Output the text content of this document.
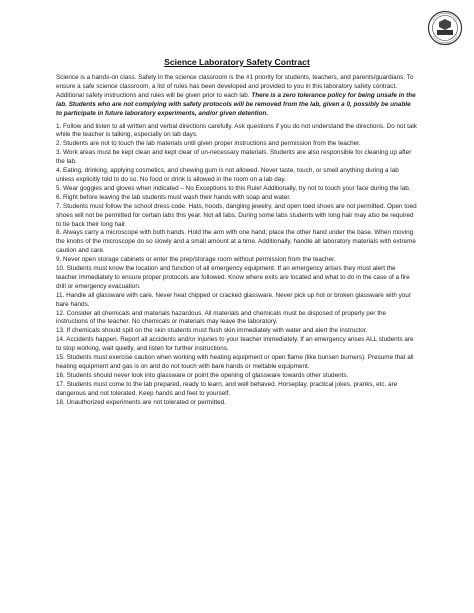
Science Laboratory Safety Contract

Science is a hands-on class. Safety in the science classroom is the #1 priority for students, teachers, and parents/guardians. To ensure a safe science classroom, a list of rules has been developed and provided to you in this laboratory safety contract. Additional safety instructions and rules will be given prior to each lab. There is a zero tolerance policy for being unsafe in the lab. Students who are not complying with safety protocols will be removed from the lab, given a 0, possibly be unable to participate in future laboratory experiments, and/or given detention.

1. Follow and listen to all written and verbal directions carefully. Ask questions if you do not understand the directions. Do not talk while the teacher is talking, especially on lab days.

2. Students are not to touch the lab materials until given proper instructions and permission from the teacher.

3. Work areas must be kept clean and kept clear of un-necessary materials. Students are also responsible for cleaning up after the lab.

4. Eating, drinking, applying cosmetics, and chewing gum is not allowed. Never taste, touch, or smell anything during a lab unless explicitly told to do so. No food or drink is allowed in the room on a lab day.

5. Wear goggles and gloves when indicated – No Exceptions to this Rule! Additionally, try not to touch your face during the lab.

6. Right before leaving the lab students must wash their hands with soap and water.

7. Students must follow the school dress code. Hats, hoods, dangling jewelry, and open toed shoes are not permitted. Open toed shoes will not be permitted for certain labs this year. Not all labs. During some labs students with long hair may also be required to tie back their long hair.

8. Always carry a microscope with both hands. Hold the arm with one hand; place the other hand under the base. When moving the knobs of the microscope do so slowly and a small amount at a time. Additionally, handle all laboratory materials with extreme caution and care.

9. Never open storage cabinets or enter the prep/storage room without permission from the teacher.

10. Students must know the location and function of all emergency equipment. If an emergency arises they must alert the teacher immediately to ensure proper protocols are followed. Know where exits are located and what to do in the case of a fire drill or emergency evacuation.

11. Handle all glassware with care. Never heat chipped or cracked glassware. Never pick up hot or broken glassware with your bare hands.

12. Consider all chemicals and materials hazardous. All materials and chemicals must be disposed of properly per the instructions of the teacher. No chemicals or materials may leave the laboratory.

13. If chemicals should spill on the skin students must flush skin immediately with water and alert the instructor.

14. Accidents happen. Report all accidents and/or injuries to your teacher immediately. If an emergency arises ALL students are to stop working, wait quietly, and listen for further instructions.

15. Students must exercise caution when working with heating equipment or open flame (like bunsen burners). Presume that all heating equipment and gas is on and do not touch with bare hands or meltable equipment.

16. Students should never look into glassware or point the opening of glassware towards other students.

17. Students must come to the lab prepared, ready to learn, and well behaved. Horseplay, practical jokes, pranks, etc. are dangerous and not tolerated. Keep hands and feet to yourself.

18. Unauthorized experiments are not tolerated or permitted.
